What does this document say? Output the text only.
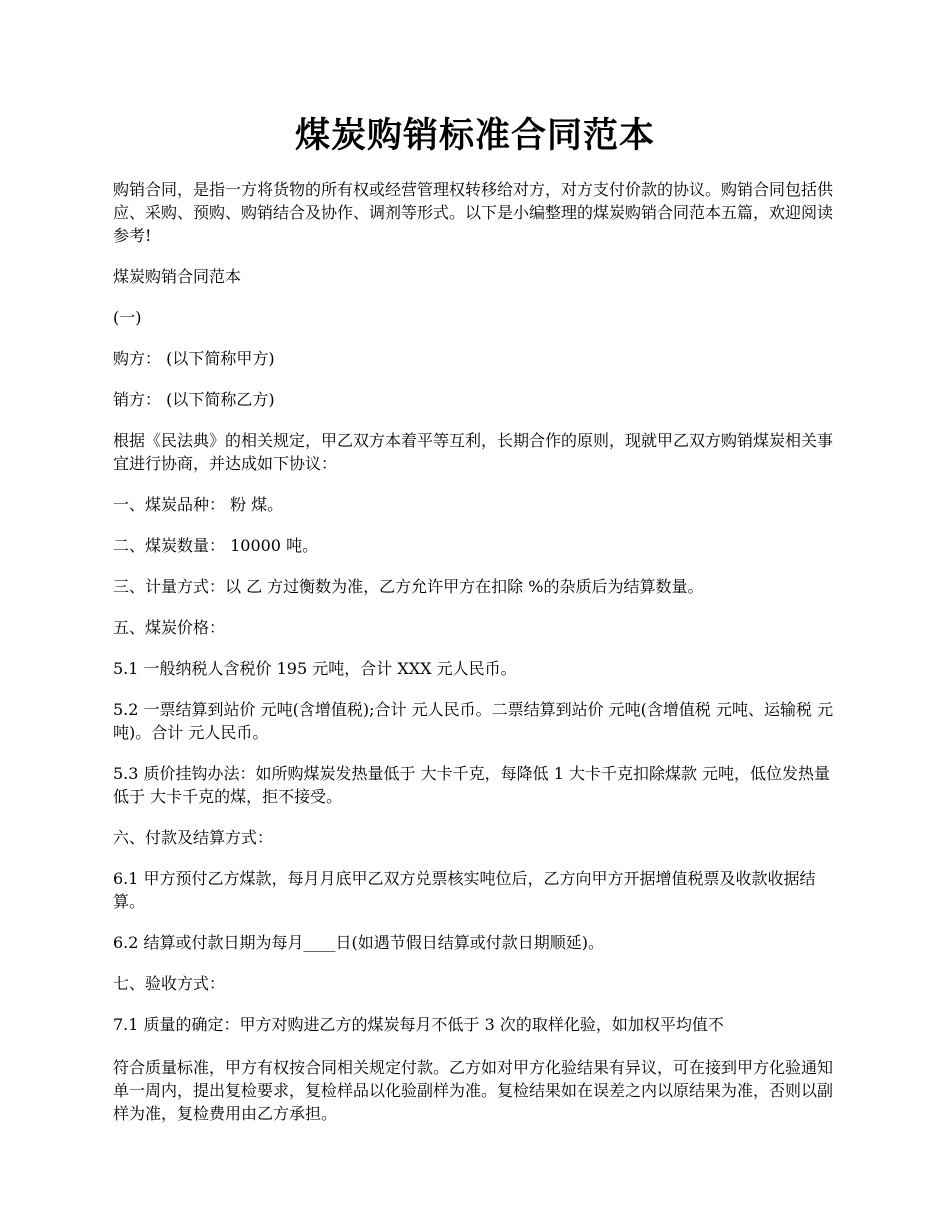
煤炭购销标准合同范本

购销合同，是指一方将货物的所有权或经营管理权转移给对方，对方支付价款的协议。购销合同包括供应、采购、预购、购销结合及协作、调剂等形式。以下是小编整理的煤炭购销合同范本五篇，欢迎阅读参考!

煤炭购销合同范本

(一)

购方： (以下简称甲方)

销方： (以下简称乙方)

根据《民法典》的相关规定，甲乙双方本着平等互利，长期合作的原则，现就甲乙双方购销煤炭相关事宜进行协商，并达成如下协议：

一、煤炭品种： 粉 煤。

二、煤炭数量： 10000 吨。

三、计量方式：以 乙 方过衡数为准，乙方允许甲方在扣除 %的杂质后为结算数量。

五、煤炭价格：

5.1 一般纳税人含税价 195 元吨，合计 XXX 元人民币。

5.2 一票结算到站价 元吨(含增值税);合计 元人民币。二票结算到站价 元吨(含增值税 元吨、运输税 元吨)。合计 元人民币。

5.3 质价挂钩办法：如所购煤炭发热量低于 大卡千克，每降低 1 大卡千克扣除煤款 元吨，低位发热量低于 大卡千克的煤，拒不接受。

六、付款及结算方式：

6.1 甲方预付乙方煤款，每月月底甲乙双方兑票核实吨位后，乙方向甲方开据增值税票及收款收据结算。

6.2 结算或付款日期为每月____日(如遇节假日结算或付款日期顺延)。

七、验收方式：

7.1 质量的确定：甲方对购进乙方的煤炭每月不低于 3 次的取样化验，如加权平均值不

符合质量标准，甲方有权按合同相关规定付款。乙方如对甲方化验结果有异议，可在接到甲方化验通知单一周内，提出复检要求，复检样品以化验副样为准。复检结果如在误差之内以原结果为准，否则以副样为准，复检费用由乙方承担。
